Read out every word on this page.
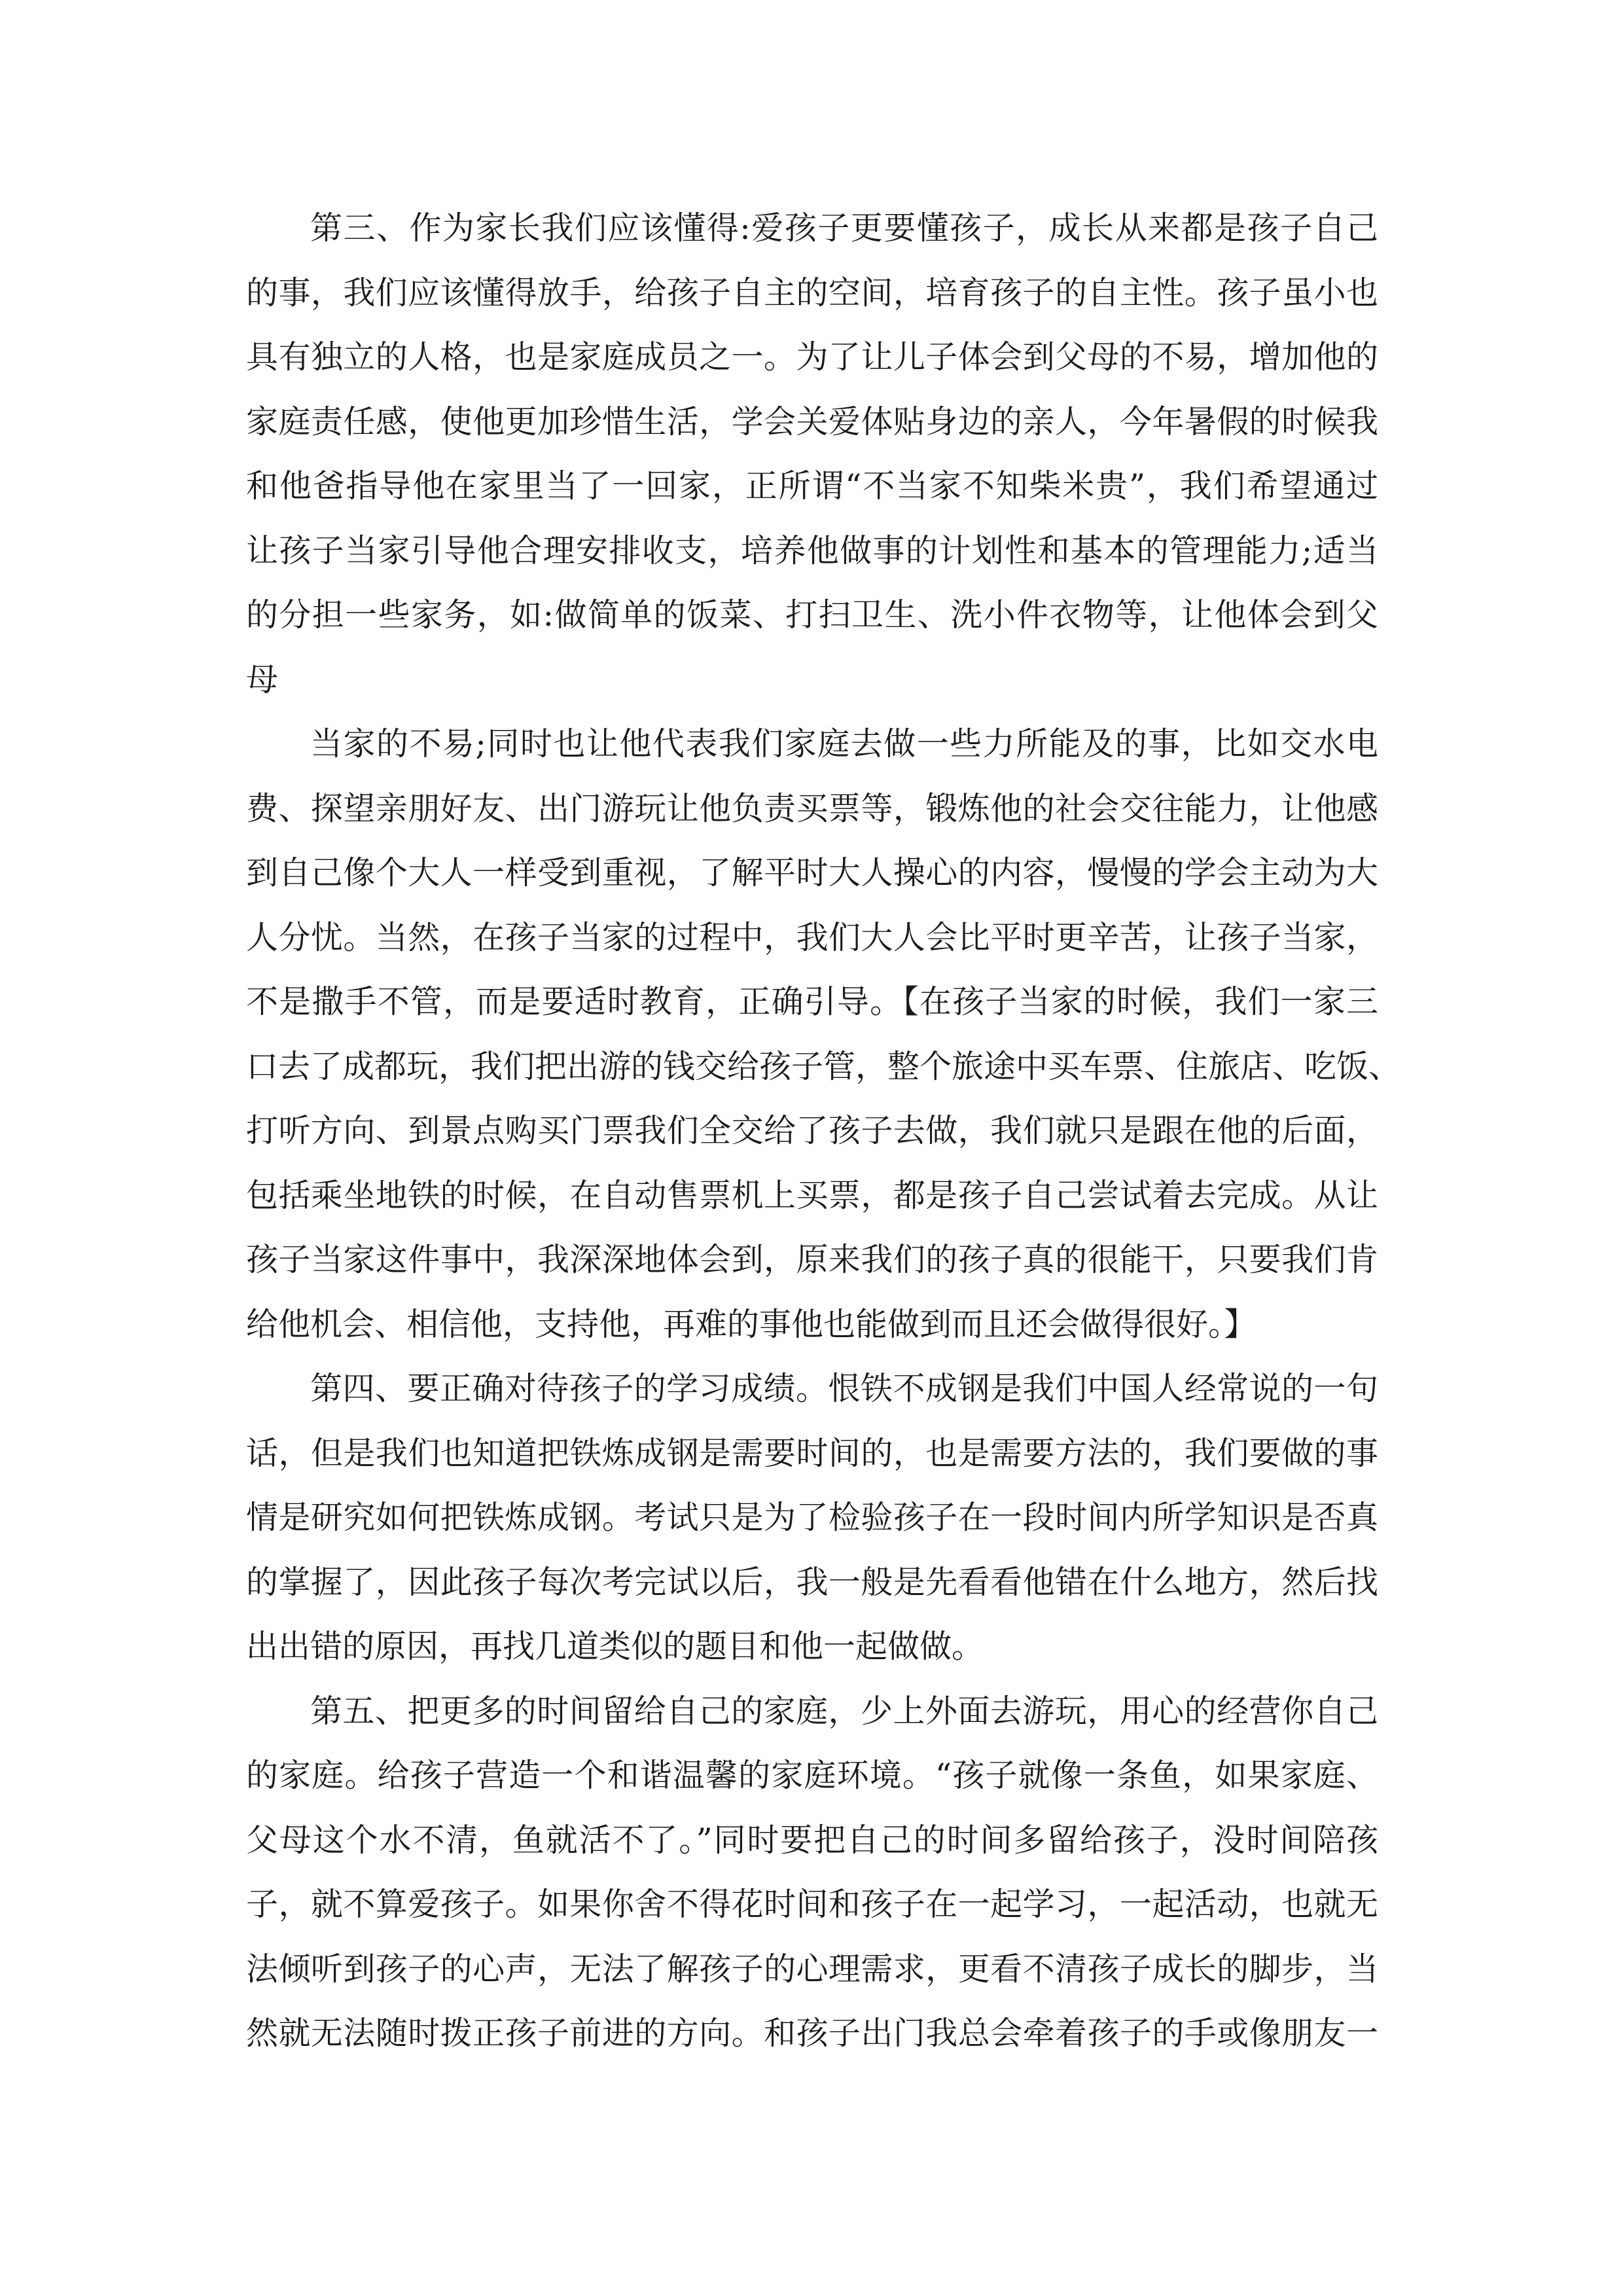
第三、作为家长我们应该懂得:爱孩子更要懂孩子，成长从来都是孩子自己
的事，我们应该懂得放手，给孩子自主的空间，培育孩子的自主性。孩子虽小也
具有独立的人格，也是家庭成员之一。为了让儿子体会到父母的不易，增加他的
家庭责任感，使他更加珍惜生活，学会关爱体贴身边的亲人，今年暑假的时候我
和他爸指导他在家里当了一回家，正所谓“不当家不知柴米贵”，我们希望通过
让孩子当家引导他合理安排收支，培养他做事的计划性和基本的管理能力;适当
的分担一些家务，如:做简单的饭菜、打扫卫生、洗小件衣物等，让他体会到父
母
当家的不易;同时也让他代表我们家庭去做一些力所能及的事，比如交水电
费、探望亲朋好友、出门游玩让他负责买票等，锻炼他的社会交往能力，让他感
到自己像个大人一样受到重视，了解平时大人操心的内容，慢慢的学会主动为大
人分忧。当然，在孩子当家的过程中，我们大人会比平时更辛苦，让孩子当家，
不是撒手不管，而是要适时教育，正确引导。【在孩子当家的时候，我们一家三
口去了成都玩，我们把出游的钱交给孩子管，整个旅途中买车票、住旅店、吃饭、
打听方向、到景点购买门票我们全交给了孩子去做，我们就只是跟在他的后面，
包括乘坐地铁的时候，在自动售票机上买票，都是孩子自己尝试着去完成。从让
孩子当家这件事中，我深深地体会到，原来我们的孩子真的很能干，只要我们肯
给他机会、相信他，支持他，再难的事他也能做到而且还会做得很好。】
第四、要正确对待孩子的学习成绩。恨铁不成钢是我们中国人经常说的一句
话，但是我们也知道把铁炼成钢是需要时间的，也是需要方法的，我们要做的事
情是研究如何把铁炼成钢。考试只是为了检验孩子在一段时间内所学知识是否真
的掌握了，因此孩子每次考完试以后，我一般是先看看他错在什么地方，然后找
出出错的原因，再找几道类似的题目和他一起做做。
第五、把更多的时间留给自己的家庭，少上外面去游玩，用心的经营你自己
的家庭。给孩子营造一个和谐温馨的家庭环境。“孩子就像一条鱼，如果家庭、
父母这个水不清，鱼就活不了。”同时要把自己的时间多留给孩子，没时间陪孩
子，就不算爱孩子。如果你舍不得花时间和孩子在一起学习，一起活动，也就无
法倾听到孩子的心声，无法了解孩子的心理需求，更看不清孩子成长的脚步，当
然就无法随时拨正孩子前进的方向。和孩子出门我总会牵着孩子的手或像朋友一
